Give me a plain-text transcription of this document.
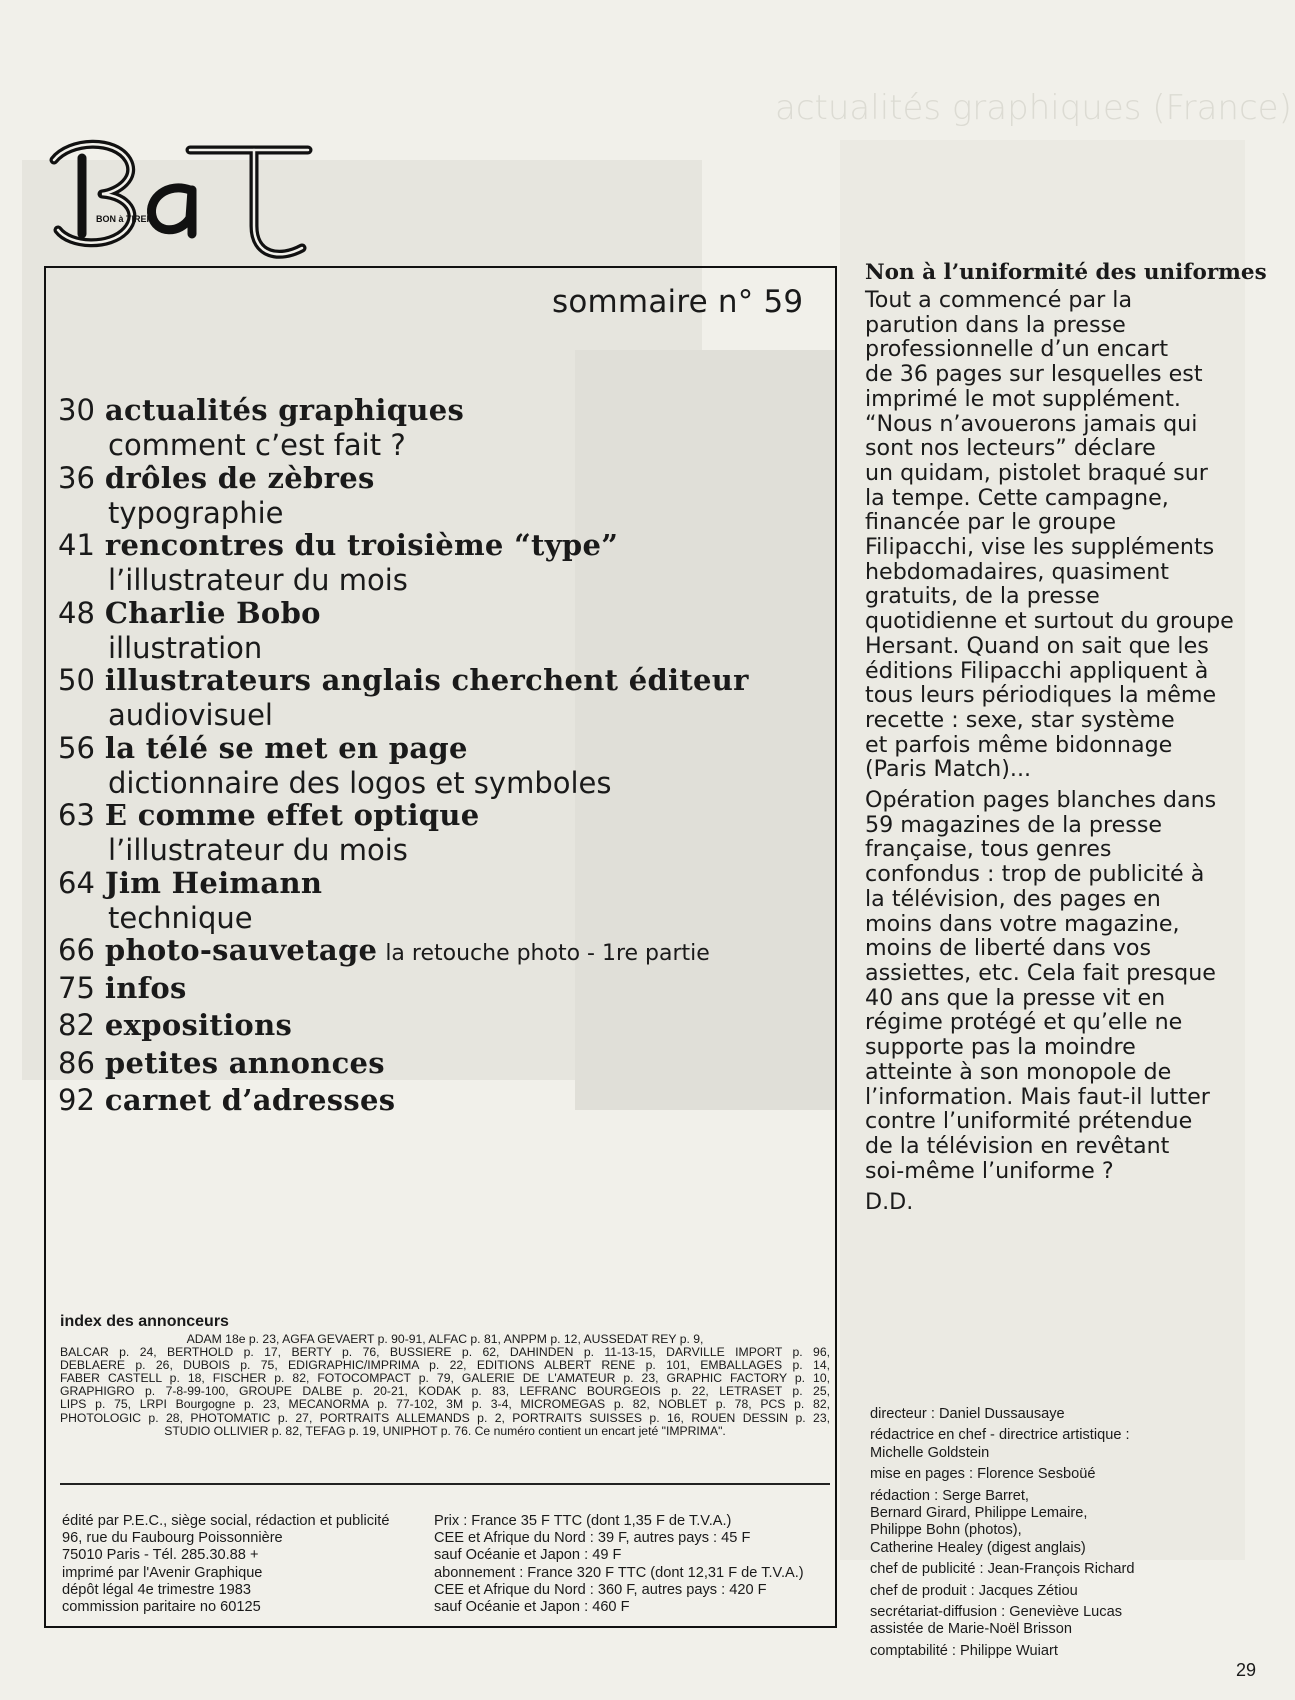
actualités graphiques (France)
BON à TIRER
sommaire n° 59
30 actualités graphiques
comment c’est fait ?
36 drôles de zèbres
typographie
41 rencontres du troisième “type”
l’illustrateur du mois
48 Charlie Bobo
illustration
50 illustrateurs anglais cherchent éditeur
audiovisuel
56 la télé se met en page
dictionnaire des logos et symboles
63 E comme effet optique
l’illustrateur du mois
64 Jim Heimann
technique
66 photo-sauvetage la retouche photo - 1re partie
75 infos
82 expositions
86 petites annonces
92 carnet d’adresses
index des annonceurs
ADAM 18e p. 23, AGFA GEVAERT p. 90-91, ALFAC p. 81, ANPPM p. 12, AUSSEDAT REY p. 9,
BALCAR p. 24, BERTHOLD p. 17, BERTY p. 76, BUSSIERE p. 62, DAHINDEN p. 11-13-15, DARVILLE IMPORT p. 96,
DEBLAERE p. 26, DUBOIS p. 75, EDIGRAPHIC/IMPRIMA p. 22, EDITIONS ALBERT RENE p. 101, EMBALLAGES p. 14,
FABER CASTELL p. 18, FISCHER p. 82, FOTOCOMPACT p. 79, GALERIE DE L'AMATEUR p. 23, GRAPHIC FACTORY p. 10,
GRAPHIGRO p. 7-8-99-100, GROUPE DALBE p. 20-21, KODAK p. 83, LEFRANC BOURGEOIS p. 22, LETRASET p. 25,
LIPS p. 75, LRPI Bourgogne p. 23, MECANORMA p. 77-102, 3M p. 3-4, MICROMEGAS p. 82, NOBLET p. 78, PCS p. 82,
PHOTOLOGIC p. 28, PHOTOMATIC p. 27, PORTRAITS ALLEMANDS p. 2, PORTRAITS SUISSES p. 16, ROUEN DESSIN p. 23,
STUDIO OLLIVIER p. 82, TEFAG p. 19, UNIPHOT p. 76. Ce numéro contient un encart jeté "IMPRIMA".
édité par P.E.C., siège social, rédaction et publicité
96, rue du Faubourg Poissonnière
75010 Paris - Tél. 285.30.88 +
imprimé par l'Avenir Graphique
dépôt légal 4e trimestre 1983
commission paritaire no 60125
Prix : France 35 F TTC (dont 1,35 F de T.V.A.)
CEE et Afrique du Nord : 39 F, autres pays : 45 F
sauf Océanie et Japon : 49 F
abonnement : France 320 F TTC (dont 12,31 F de T.V.A.)
CEE et Afrique du Nord : 360 F, autres pays : 420 F
sauf Océanie et Japon : 460 F
Non à l’uniformité des uniformes
Tout a commencé par la
parution dans la presse
professionnelle d’un encart
de 36 pages sur lesquelles est
imprimé le mot supplément.
“Nous n’avouerons jamais qui
sont nos lecteurs” déclare
un quidam, pistolet braqué sur
la tempe. Cette campagne,
financée par le groupe
Filipacchi, vise les suppléments
hebdomadaires, quasiment
gratuits, de la presse
quotidienne et surtout du groupe
Hersant. Quand on sait que les
éditions Filipacchi appliquent à
tous leurs périodiques la même
recette : sexe, star système
et parfois même bidonnage
(Paris Match)...
Opération pages blanches dans
59 magazines de la presse
française, tous genres
confondus : trop de publicité à
la télévision, des pages en
moins dans votre magazine,
moins de liberté dans vos
assiettes, etc. Cela fait presque
40 ans que la presse vit en
régime protégé et qu’elle ne
supporte pas la moindre
atteinte à son monopole de
l’information. Mais faut-il lutter
contre l’uniformité prétendue
de la télévision en revêtant
soi-même l’uniforme ?
D.D.
directeur : Daniel Dussausaye
rédactrice en chef - directrice artistique :
Michelle Goldstein
mise en pages : Florence Sesboüé
rédaction : Serge Barret,
Bernard Girard, Philippe Lemaire,
Philippe Bohn (photos),
Catherine Healey (digest anglais)
chef de publicité : Jean-François Richard
chef de produit : Jacques Zétiou
secrétariat-diffusion : Geneviève Lucas
assistée de Marie-Noël Brisson
comptabilité : Philippe Wuiart
29
